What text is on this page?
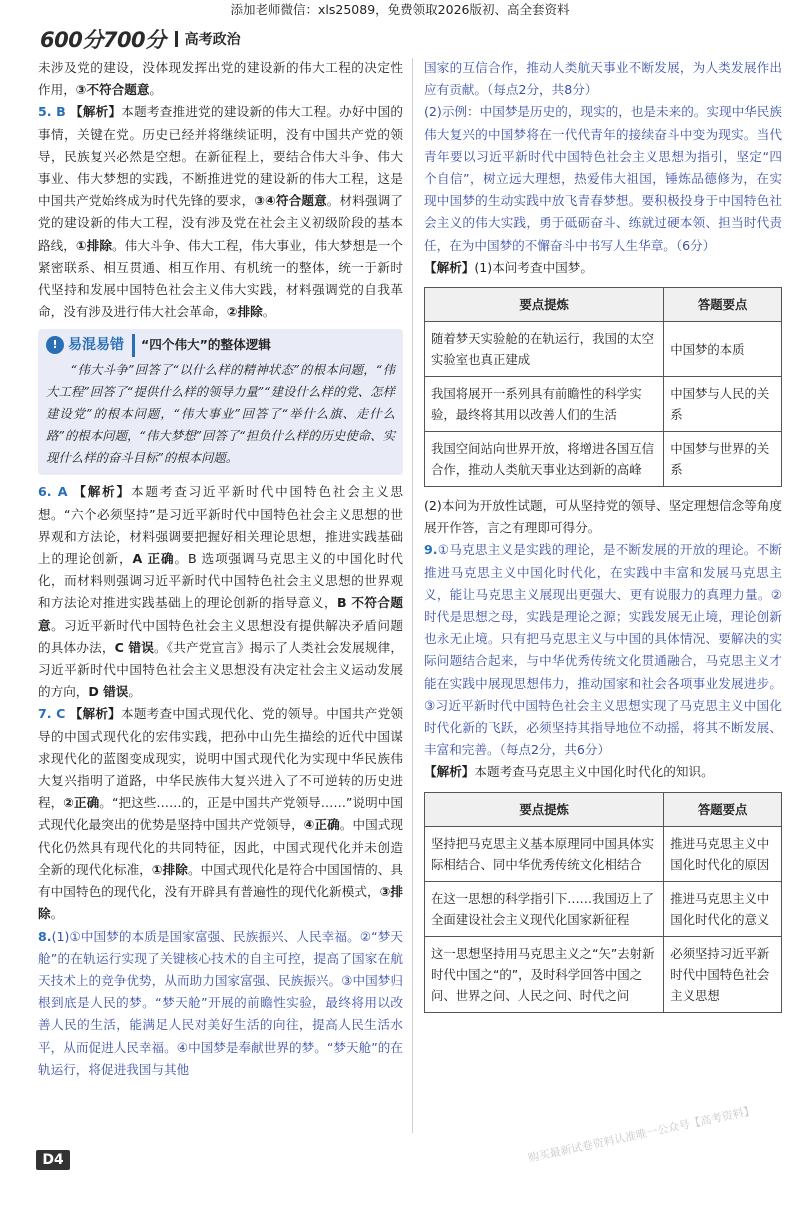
添加老师微信：xls25089，免费领取2026版初、高全套资料
600分700分 高考政治

未涉及党的建设，没体现发挥出党的建设新的伟大工程的决定性作用，③不符合题意。

5. B 【解析】本题考查推进党的建设新的伟大工程。办好中国的事情，关键在党。历史已经并将继续证明，没有中国共产党的领导，民族复兴必然是空想。在新征程上，要结合伟大斗争、伟大事业、伟大梦想的实践，不断推进党的建设新的伟大工程，这是中国共产党始终成为时代先锋的要求，③④符合题意。材料强调了党的建设新的伟大工程，没有涉及党在社会主义初级阶段的基本路线，①排除。伟大斗争、伟大工程，伟大事业，伟大梦想是一个紧密联系、相互贯通、相互作用、有机统一的整体，统一于新时代坚持和发展中国特色社会主义伟大实践，材料强调党的自我革命，没有涉及进行伟大社会革命，②排除。

! 易混易错	“四个伟大”的整体逻辑

“伟大斗争”回答了“以什么样的精神状态”的根本问题，“伟大工程”回答了“提供什么样的领导力量”“建设什么样的党、怎样建设党”的根本问题，“伟大事业”回答了“举什么旗、走什么路”的根本问题，“伟大梦想”回答了“担负什么样的历史使命、实现什么样的奋斗目标”的根本问题。

6. A 【解析】本题考查习近平新时代中国特色社会主义思想。“六个必须坚持”是习近平新时代中国特色社会主义思想的世界观和方法论，材料强调要把握好相关理论思想，推进实践基础上的理论创新，A 正确。B 选项强调马克思主义的中国化时代化，而材料则强调习近平新时代中国特色社会主义思想的世界观和方法论对推进实践基础上的理论创新的指导意义，B 不符合题意。习近平新时代中国特色社会主义思想没有提供解决矛盾问题的具体办法，C 错误。《共产党宣言》揭示了人类社会发展规律，习近平新时代中国特色社会主义思想没有决定社会主义运动发展的方向，D 错误。

7. C 【解析】本题考查中国式现代化、党的领导。中国共产党领导的中国式现代化的宏伟实践，把孙中山先生描绘的近代中国谋求现代化的蓝图变成现实，说明中国式现代化为实现中华民族伟大复兴指明了道路，中华民族伟大复兴进入了不可逆转的历史进程，②正确。“把这些……的，正是中国共产党领导……”说明中国式现代化最突出的优势是坚持中国共产党领导，④正确。中国式现代化仍然具有现代化的共同特征，因此，中国式现代化并未创造全新的现代化标准，①排除。中国式现代化是符合中国国情的、具有中国特色的现代化，没有开辟具有普遍性的现代化新模式，③排除。

8.(1)①中国梦的本质是国家富强、民族振兴、人民幸福。②“梦天舱”的在轨运行实现了关键核心技术的自主可控，提高了国家在航天技术上的竞争优势，从而助力国家富强、民族振兴。③中国梦归根到底是人民的梦。“梦天舱”开展的前瞻性实验，最终将用以改善人民的生活，能满足人民对美好生活的向往，提高人民生活水平，从而促进人民幸福。④中国梦是奉献世界的梦。“梦天舱”的在轨运行，将促进我国与其他

国家的互信合作，推动人类航天事业不断发展，为人类发展作出应有贡献。（每点2分，共8分）

(2)示例：中国梦是历史的，现实的，也是未来的。实现中华民族伟大复兴的中国梦将在一代代青年的接续奋斗中变为现实。当代青年要以习近平新时代中国特色社会主义思想为指引，坚定“四个自信”，树立远大理想，热爱伟大祖国，锤炼品德修为，在实现中国梦的生动实践中放飞青春梦想。要积极投身于中国特色社会主义的伟大实践，勇于砥砺奋斗、练就过硬本领、担当时代责任，在为中国梦的不懈奋斗中书写人生华章。（6分）

【解析】(1)本问考查中国梦。

要点提炼	答题要点
随着梦天实验舱的在轨运行，我国的太空实验室也真正建成	中国梦的本质
我国将展开一系列具有前瞻性的科学实验，最终将其用以改善人们的生活	中国梦与人民的关系
我国空间站向世界开放，将增进各国互信合作，推动人类航天事业达到新的高峰	中国梦与世界的关系

(2)本问为开放性试题，可从坚持党的领导、坚定理想信念等角度展开作答，言之有理即可得分。

9.①马克思主义是实践的理论，是不断发展的开放的理论。不断推进马克思主义中国化时代化，在实践中丰富和发展马克思主义，能让马克思主义展现出更强大、更有说服力的真理力量。②时代是思想之母，实践是理论之源；实践发展无止境，理论创新也永无止境。只有把马克思主义与中国的具体情况、要解决的实际问题结合起来，与中华优秀传统文化贯通融合，马克思主义才能在实践中展现思想伟力，推动国家和社会各项事业发展进步。③习近平新时代中国特色社会主义思想实现了马克思主义中国化时代化新的飞跃，必须坚持其指导地位不动摇，将其不断发展、丰富和完善。（每点2分，共6分）

【解析】本题考查马克思主义中国化时代化的知识。

要点提炼	答题要点
坚持把马克思主义基本原理同中国具体实际相结合、同中华优秀传统文化相结合	推进马克思主义中国化时代化的原因
在这一思想的科学指引下……我国迈上了全面建设社会主义现代化国家新征程	推进马克思主义中国化时代化的意义
这一思想坚持用马克思主义之“矢”去射新时代中国之“的”，及时科学回答中国之问、世界之问、人民之问、时代之问	必须坚持习近平新时代中国特色社会主义思想
D4	购买最新试卷资料认准唯一公众号【高考资料】
